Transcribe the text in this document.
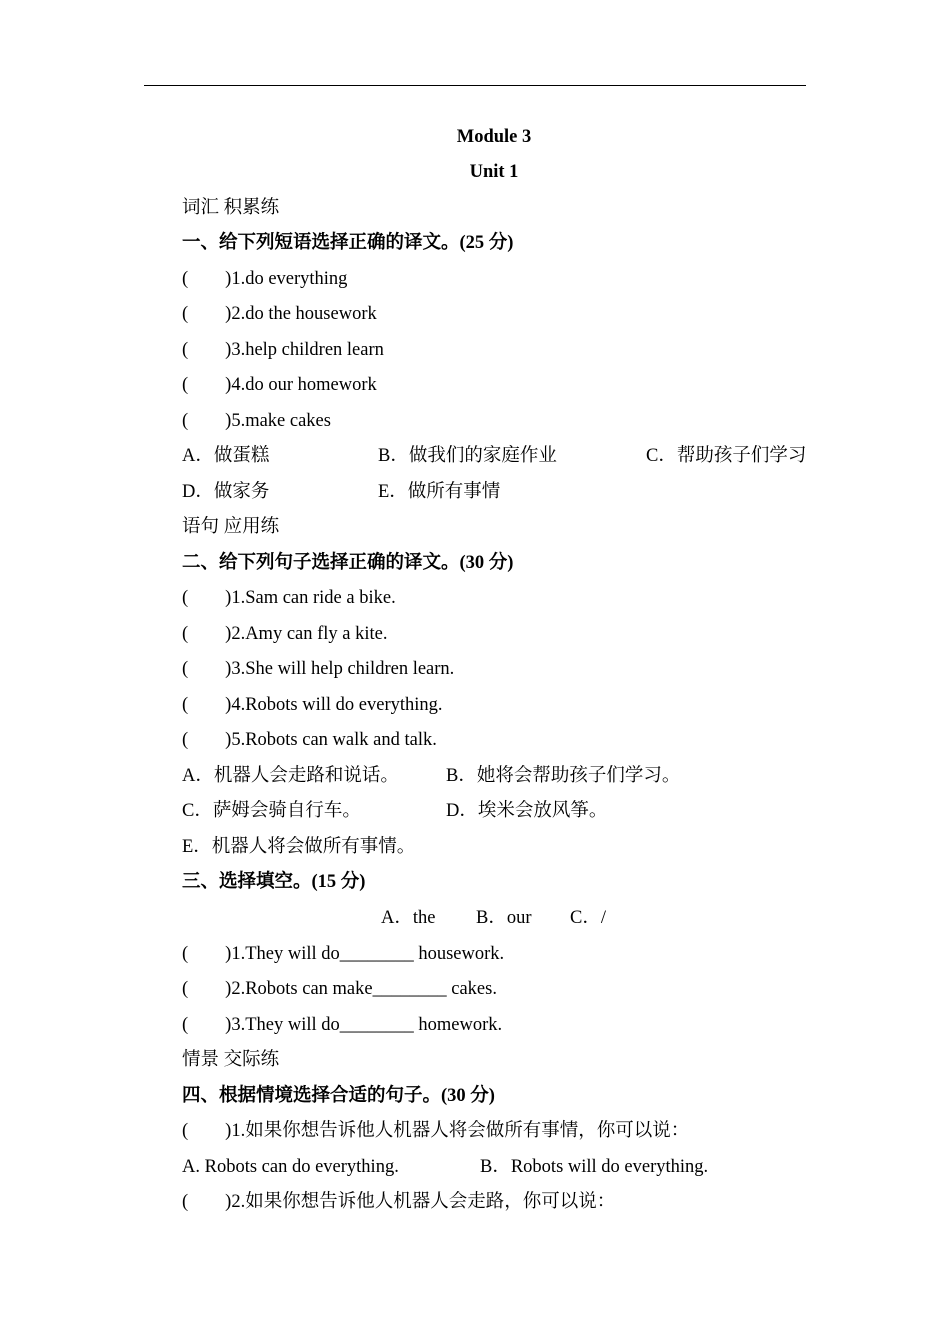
Module 3
Unit 1
词汇 积累练
一、给下列短语选择正确的译文。(25 分)
(        )1.do everything
(        )2.do the housework
(        )3.help children learn
(        )4.do our homework
(        )5.make cakes
A．做蛋糕	B．做我们的家庭作业	C．帮助孩子们学习
D．做家务	E．做所有事情
语句 应用练
二、给下列句子选择正确的译文。(30 分)
(        )1.Sam can ride a bike.
(        )2.Amy can fly a kite.
(        )3.She will help children learn.
(        )4.Robots will do everything.
(        )5.Robots can walk and talk.
A．机器人会走路和说话。	B．她将会帮助孩子们学习。
C．萨姆会骑自行车。	D．埃米会放风筝。
E．机器人将会做所有事情。
三、选择填空。(15 分)
A．the B．our C．/
(        )1.They will do________ housework.
(        )2.Robots can make________ cakes.
(        )3.They will do________ homework.
情景 交际练
四、根据情境选择合适的句子。(30 分)
(        )1.如果你想告诉他人机器人将会做所有事情，你可以说：
A. Robots can do everything.	B．Robots will do everything.
(        )2.如果你想告诉他人机器人会走路，你可以说：
